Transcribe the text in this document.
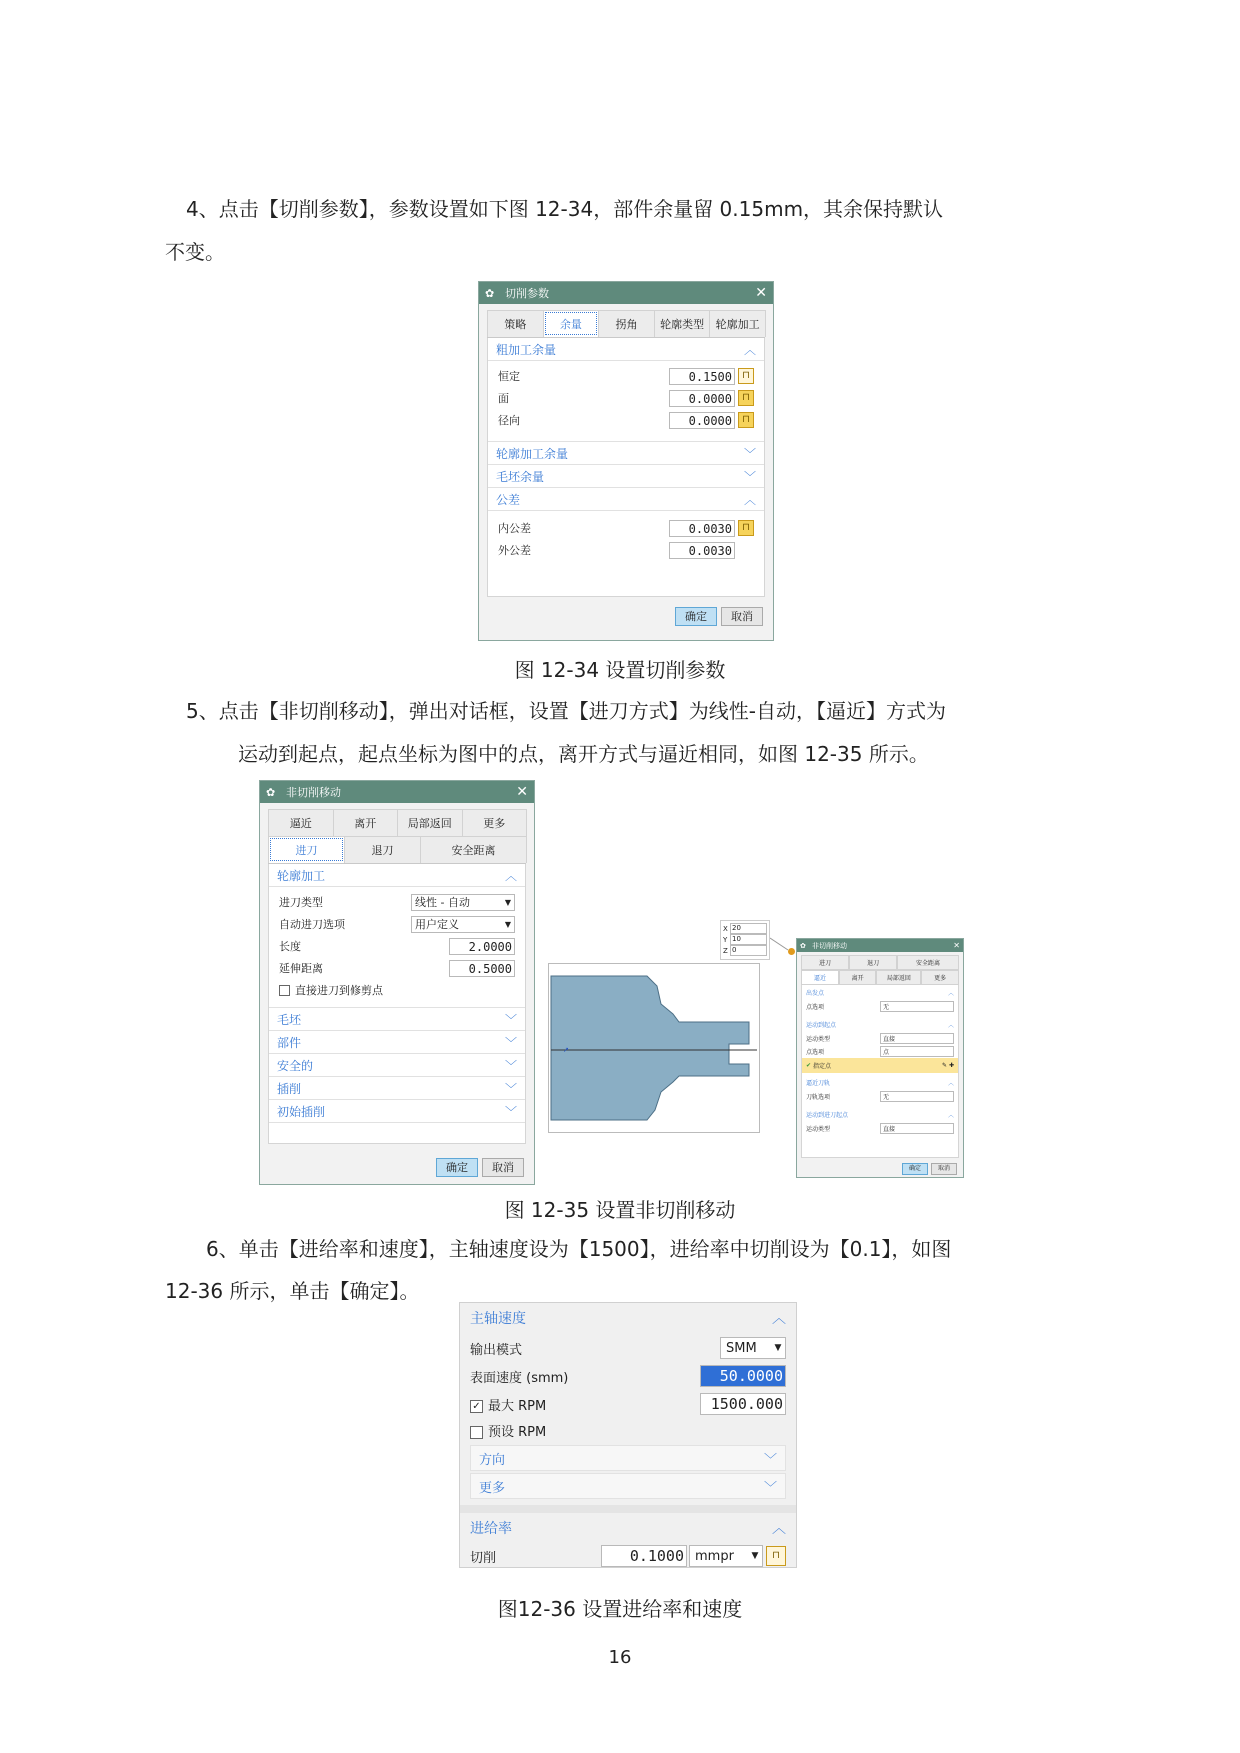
4、点击【切削参数】，参数设置如下图 12-34，部件余量留 0.15mm，其余保持默认
不变。
✿ 切削参数	✕
策略	余量	拐角	轮廓类型	轮廓加工
粗加工余量	︿
恒定	0.1500	⊓
面	0.0000	⊓
径向	0.0000	⊓
轮廓加工余量	﹀
毛坯余量	﹀
公差	︿
内公差	0.0030	⊓
外公差	0.0030
确定	取消
图 12-34 设置切削参数
5、点击【非切削移动】，弹出对话框，设置【进刀方式】为线性-自动，【逼近】方式为
运动到起点，起点坐标为图中的点，离开方式与逼近相同，如图 12-35 所示。
✿ 非切削移动	✕
逼近	离开	局部返回	更多
进刀	退刀	安全距离
轮廓加工	︿
进刀类型	线性 - 自动	▼
自动进刀选项	用户定义	▼
长度	2.0000
延伸距离	0.5000
直接进刀到修剪点
毛坯	﹀
部件	﹀
安全的	﹀
插削	﹀
初始插削	﹀
确定	取消
↗
X 20
Y 10
Z 0
✿ 非切削移动	✕
进刀	退刀	安全距离
逼近	离开	局部返回	更多
出发点	︿
点选项	无
运动到起点	︿
运动类型	直接
点选项	点
✔ 指定点	✎ ✚
逼近刀轨	︿
刀轨选项	无
运动到进刀起点	︿
运动类型	直接
确定	取消
图 12-35 设置非切削移动
6、单击【进给率和速度】，主轴速度设为【1500】，进给率中切削设为【0.1】，如图
12-36 所示，单击【确定】。
主轴速度	︿
输出模式	SMM	▼
表面速度 (smm)	50.0000
✓ 最大 RPM	1500.000
预设 RPM
方向	﹀
更多	﹀
进给率	︿
切削	0.1000 mmpr	▼	⊓
图12-36 设置进给率和速度
16
